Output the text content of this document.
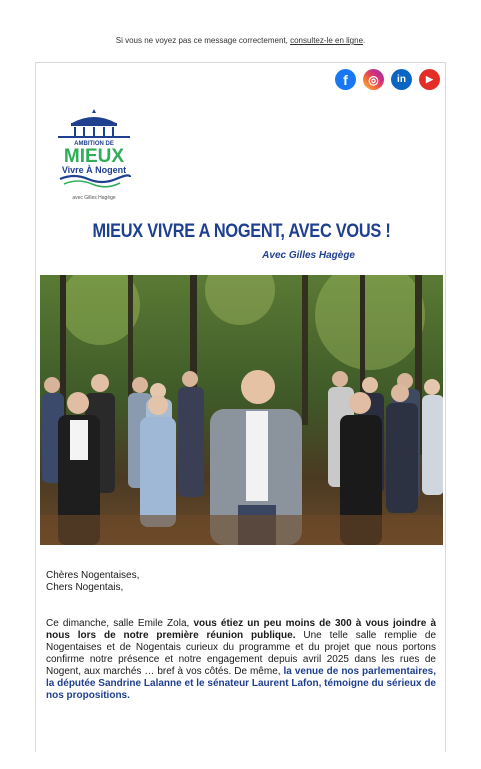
Si vous ne voyez pas ce message correctement, consultez-le en ligne.
f ◎ in ▶
AMBITION DE
MIEUX
Vivre À Nogent
avec Gilles Hagège
MIEUX VIVRE A NOGENT, AVEC VOUS !
Avec Gilles Hagège

Chères Nogentaises,

Chers Nogentais,

Ce dimanche, salle Emile Zola, vous étiez un peu moins de 300 à vous joindre à nous lors de notre première réunion publique. Une telle salle remplie de Nogentaises et de Nogentais curieux du programme et du projet que nous portons confirme notre présence et notre engagement depuis avril 2025 dans les rues de Nogent, aux marchés … bref à vos côtés. De même, la venue de nos parlementaires, la députée Sandrine Lalanne et le sénateur Laurent Lafon, témoigne du sérieux de nos propositions.
